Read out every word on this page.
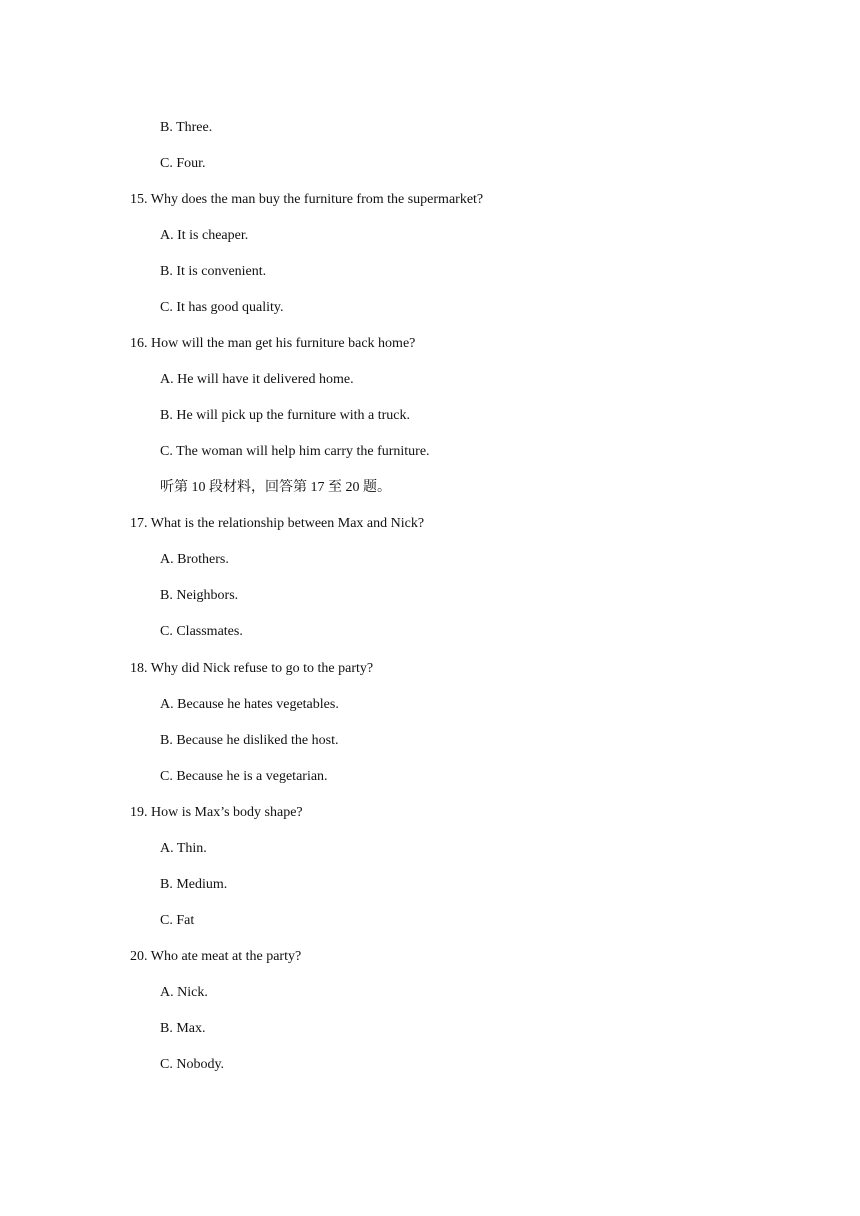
B. Three.
C. Four.
15. Why does the man buy the furniture from the supermarket?
A. It is cheaper.
B. It is convenient.
C. It has good quality.
16. How will the man get his furniture back home?
A. He will have it delivered home.
B. He will pick up the furniture with a truck.
C. The woman will help him carry the furniture.
听第 10 段材料，回答第 17 至 20 题。
17. What is the relationship between Max and Nick?
A. Brothers.
B. Neighbors.
C. Classmates.
18. Why did Nick refuse to go to the party?
A. Because he hates vegetables.
B. Because he disliked the host.
C. Because he is a vegetarian.
19. How is Max’s body shape?
A. Thin.
B. Medium.
C. Fat
20. Who ate meat at the party?
A. Nick.
B. Max.
C. Nobody.
